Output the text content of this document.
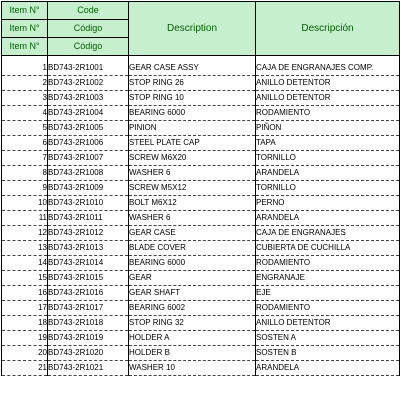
Item N°	Code	Description	Descripción
Item N°	Código		
Item N°	Código		

1	BD743-2R1001	GEAR CASE ASSY	CAJA DE ENGRANAJES COMP.
2	BD743-2R1002	STOP RING 26	ANILLO DETENTOR
3	BD743-2R1003	STOP RING 10	ANILLO DETENTOR
4	BD743-2R1004	BEARING 6000	RODAMIENTO
5	BD743-2R1005	PINION	PIÑON
6	BD743-2R1006	STEEL PLATE CAP	TAPA
7	BD743-2R1007	SCREW M6X20	TORNILLO
8	BD743-2R1008	WASHER 6	ARANDELA
9	BD743-2R1009	SCREW M5X12	TORNILLO
10	BD743-2R1010	BOLT M6X12	PERNO
11	BD743-2R1011	WASHER 6	ARANDELA
12	BD743-2R1012	GEAR CASE	CAJA DE ENGRANAJES
13	BD743-2R1013	BLADE COVER	CUBIERTA DE CUCHILLA
14	BD743-2R1014	BEARING 6000	RODAMIENTO
15	BD743-2R1015	GEAR	ENGRANAJE
16	BD743-2R1016	GEAR SHAFT	EJE
17	BD743-2R1017	BEARING 6002	RODAMIENTO
18	BD743-2R1018	STOP RING 32	ANILLO DETENTOR
19	BD743-2R1019	HOLDER A	SOSTEN A
20	BD743-2R1020	HOLDER B	SOSTEN B
21	BD743-2R1021	WASHER 10	ARANDELA
